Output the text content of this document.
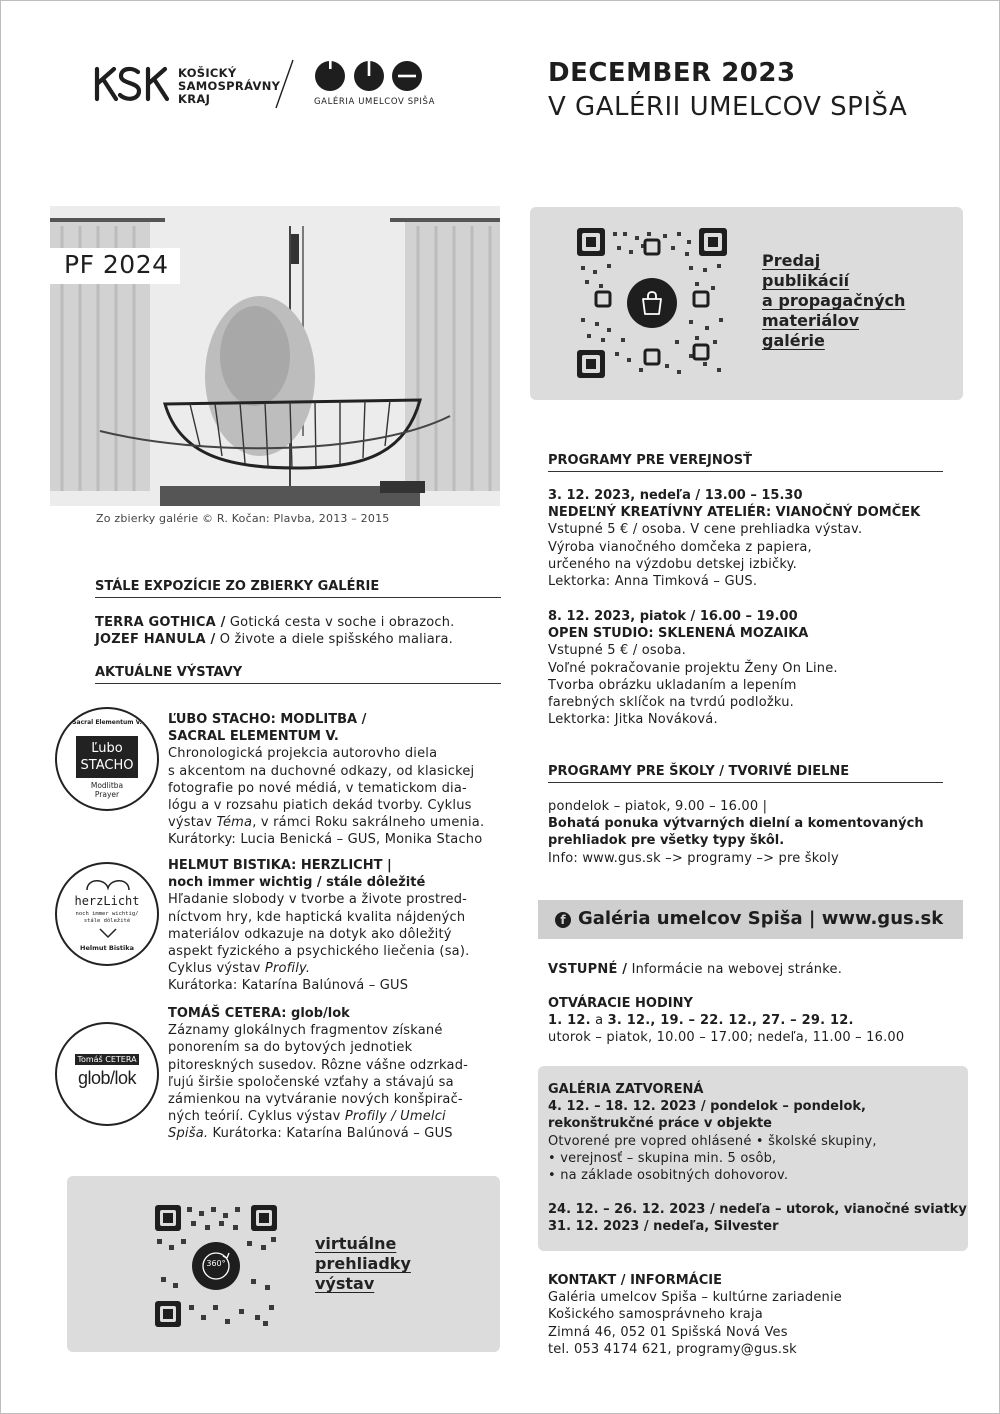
KOŠICKÝ
SAMOSPRÁVNY
KRAJ	GALÉRIA UMELCOV SPIŠA
DECEMBER 2023
V GALÉRII UMELCOV SPIŠA
PF 2024
Zo zbierky galérie © R. Kočan: Plavba, 2013 – 2015
Predaj
publikácií
a propagačných
materiálov
galérie
STÁLE EXPOZÍCIE ZO ZBIERKY GALÉRIE
TERRA GOTHICA / Gotická cesta v soche i obrazoch.
JOZEF HANULA / O živote a diele spišského maliara.
AKTUÁLNE VÝSTAVY
Sacral Elementum V.
Ľubo
STACHO
Modlitba
Prayer
ĽUBO STACHO: MODLITBA /
SACRAL ELEMENTUM V.
Chronologická projekcia autorovho diela
s akcentom na duchovné odkazy, od klasickej
fotografie po nové médiá, v tematickom dia-
lógu a v rozsahu piatich dekád tvorby. Cyklus
výstav Téma, v rámci Roku sakrálneho umenia.
Kurátorky: Lucia Benická – GUS, Monika Stacho
herzLicht
noch immer wichtig/
stále dôležité
Helmut Bistika
HELMUT BISTIKA: HERZLICHT |
noch immer wichtig / stále dôležité
Hľadanie slobody v tvorbe a živote prostred-
níctvom hry, kde haptická kvalita nájdených
materiálov odkazuje na dotyk ako dôležitý
aspekt fyzického a psychického liečenia (sa).
Cyklus výstav Profily.
Kurátorka: Katarína Balúnová – GUS
Tomáš CETERA
glob/lok
TOMÁŠ CETERA: glob/lok
Záznamy glokálnych fragmentov získané
ponorením sa do bytových jednotiek
pitoreskných susedov. Rôzne vášne odzrkad-
ľujú širšie spoločenské vzťahy a stávajú sa
zámienkou na vytváranie nových konšpirač-
ných teórií. Cyklus výstav Profily / Umelci
Spiša. Kurátorka: Katarína Balúnová – GUS
360°
virtuálne
prehliadky
výstav
PROGRAMY PRE VEREJNOSŤ
3. 12. 2023, nedeľa / 13.00 – 15.30
NEDEĽNÝ KREATÍVNY ATELIÉR: VIANOČNÝ DOMČEK
Vstupné 5 € / osoba. V cene prehliadka výstav.
Výroba vianočného domčeka z papiera,
určeného na výzdobu detskej izbičky.
Lektorka: Anna Timková – GUS.
8. 12. 2023, piatok / 16.00 – 19.00
OPEN STUDIO: SKLENENÁ MOZAIKA
Vstupné 5 € / osoba.
Voľné pokračovanie projektu Ženy On Line.
Tvorba obrázku ukladaním a lepením
farebných sklíčok na tvrdú podložku.
Lektorka: Jitka Nováková.
PROGRAMY PRE ŠKOLY / TVORIVÉ DIELNE
pondelok – piatok, 9.00 – 16.00 |
Bohatá ponuka výtvarných dielní a komentovaných
prehliadok pre všetky typy škôl.
Info: www.gus.sk –> programy –> pre školy
f Galéria umelcov Spiša | www.gus.sk
VSTUPNÉ / Informácie na webovej stránke.
OTVÁRACIE HODINY
1. 12. a 3. 12., 19. – 22. 12., 27. – 29. 12.
utorok – piatok, 10.00 – 17.00; nedeľa, 11.00 – 16.00
GALÉRIA ZATVORENÁ
4. 12. – 18. 12. 2023 / pondelok – pondelok,
rekonštrukčné práce v objekte
Otvorené pre vopred ohlásené • školské skupiny,
• verejnosť – skupina min. 5 osôb,
• na základe osobitných dohovorov.
24. 12. – 26. 12. 2023 / nedeľa – utorok, vianočné sviatky
31. 12. 2023 / nedeľa, Silvester
KONTAKT / INFORMÁCIE
Galéria umelcov Spiša – kultúrne zariadenie
Košického samosprávneho kraja
Zimná 46, 052 01 Spišská Nová Ves
tel. 053 4174 621, programy@gus.sk
